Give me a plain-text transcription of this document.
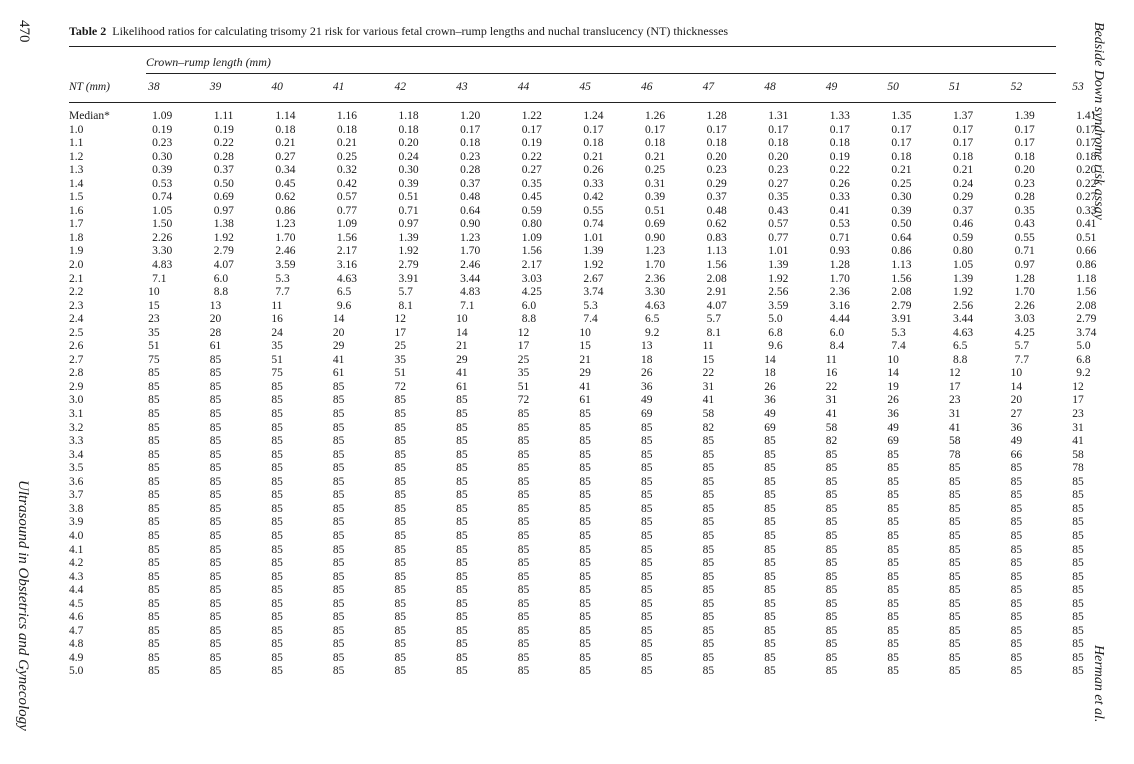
470
Ultrasound in Obstetrics and Gynecology
Bedside Down syndrome risk assay
Herman et al.
Table 2 Likelihood ratios for calculating trisomy 21 risk for various fetal crown–rump lengths and nuchal translucency (NT) thicknesses
Crown–rump length (mm)
NT (mm)	38	39	40	41	42	43	44	45	46	47	48	49	50	51	52	53

Median*	1.09	1.11	1.14	1.16	1.18	1.20	1.22	1.24	1.26	1.28	1.31	1.33	1.35	1.37	1.39	1.41
1.0	0.19	0.19	0.18	0.18	0.18	0.17	0.17	0.17	0.17	0.17	0.17	0.17	0.17	0.17	0.17	0.17
1.1	0.23	0.22	0.21	0.21	0.20	0.18	0.19	0.18	0.18	0.18	0.18	0.18	0.17	0.17	0.17	0.17
1.2	0.30	0.28	0.27	0.25	0.24	0.23	0.22	0.21	0.21	0.20	0.20	0.19	0.18	0.18	0.18	0.18
1.3	0.39	0.37	0.34	0.32	0.30	0.28	0.27	0.26	0.25	0.23	0.23	0.22	0.21	0.21	0.20	0.20
1.4	0.53	0.50	0.45	0.42	0.39	0.37	0.35	0.33	0.31	0.29	0.27	0.26	0.25	0.24	0.23	0.22
1.5	0.74	0.69	0.62	0.57	0.51	0.48	0.45	0.42	0.39	0.37	0.35	0.33	0.30	0.29	0.28	0.27
1.6	1.05	0.97	0.86	0.77	0.71	0.64	0.59	0.55	0.51	0.48	0.43	0.41	0.39	0.37	0.35	0.33
1.7	1.50	1.38	1.23	1.09	0.97	0.90	0.80	0.74	0.69	0.62	0.57	0.53	0.50	0.46	0.43	0.41
1.8	2.26	1.92	1.70	1.56	1.39	1.23	1.09	1.01	0.90	0.83	0.77	0.71	0.64	0.59	0.55	0.51
1.9	3.30	2.79	2.46	2.17	1.92	1.70	1.56	1.39	1.23	1.13	1.01	0.93	0.86	0.80	0.71	0.66
2.0	4.83	4.07	3.59	3.16	2.79	2.46	2.17	1.92	1.70	1.56	1.39	1.28	1.13	1.05	0.97	0.86
2.1	7.1	6.0	5.3	4.63	3.91	3.44	3.03	2.67	2.36	2.08	1.92	1.70	1.56	1.39	1.28	1.18
2.2	10	8.8	7.7	6.5	5.7	4.83	4.25	3.74	3.30	2.91	2.56	2.36	2.08	1.92	1.70	1.56
2.3	15	13	11	9.6	8.1	7.1	6.0	5.3	4.63	4.07	3.59	3.16	2.79	2.56	2.26	2.08
2.4	23	20	16	14	12	10	8.8	7.4	6.5	5.7	5.0	4.44	3.91	3.44	3.03	2.79
2.5	35	28	24	20	17	14	12	10	9.2	8.1	6.8	6.0	5.3	4.63	4.25	3.74
2.6	51	61	35	29	25	21	17	15	13	11	9.6	8.4	7.4	6.5	5.7	5.0
2.7	75	85	51	41	35	29	25	21	18	15	14	11	10	8.8	7.7	6.8
2.8	85	85	75	61	51	41	35	29	26	22	18	16	14	12	10	9.2
2.9	85	85	85	85	72	61	51	41	36	31	26	22	19	17	14	12
3.0	85	85	85	85	85	85	72	61	49	41	36	31	26	23	20	17
3.1	85	85	85	85	85	85	85	85	69	58	49	41	36	31	27	23
3.2	85	85	85	85	85	85	85	85	85	82	69	58	49	41	36	31
3.3	85	85	85	85	85	85	85	85	85	85	85	82	69	58	49	41
3.4	85	85	85	85	85	85	85	85	85	85	85	85	85	78	66	58
3.5	85	85	85	85	85	85	85	85	85	85	85	85	85	85	85	78
3.6	85	85	85	85	85	85	85	85	85	85	85	85	85	85	85	85
3.7	85	85	85	85	85	85	85	85	85	85	85	85	85	85	85	85
3.8	85	85	85	85	85	85	85	85	85	85	85	85	85	85	85	85
3.9	85	85	85	85	85	85	85	85	85	85	85	85	85	85	85	85
4.0	85	85	85	85	85	85	85	85	85	85	85	85	85	85	85	85
4.1	85	85	85	85	85	85	85	85	85	85	85	85	85	85	85	85
4.2	85	85	85	85	85	85	85	85	85	85	85	85	85	85	85	85
4.3	85	85	85	85	85	85	85	85	85	85	85	85	85	85	85	85
4.4	85	85	85	85	85	85	85	85	85	85	85	85	85	85	85	85
4.5	85	85	85	85	85	85	85	85	85	85	85	85	85	85	85	85
4.6	85	85	85	85	85	85	85	85	85	85	85	85	85	85	85	85
4.7	85	85	85	85	85	85	85	85	85	85	85	85	85	85	85	85
4.8	85	85	85	85	85	85	85	85	85	85	85	85	85	85	85	85
4.9	85	85	85	85	85	85	85	85	85	85	85	85	85	85	85	85
5.0	85	85	85	85	85	85	85	85	85	85	85	85	85	85	85	85
